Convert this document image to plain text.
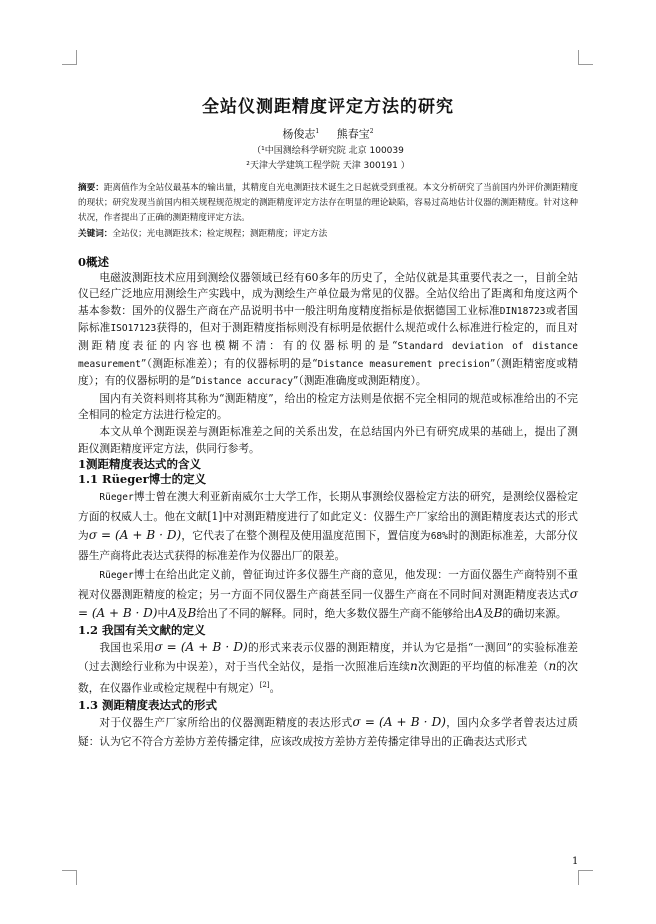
全站仪测距精度评定方法的研究
杨俊志$^1$ 熊春宝$^2$
（¹中国测绘科学研究院 北京 100039
²天津大学建筑工程学院 天津 300191 ）
摘要：距离值作为全站仪最基本的输出量，其精度自光电测距技术诞生之日起就受到重视。本文分析研究了当前国内外评价测距精度的现状；研究发现当前国内相关规程规范规定的测距精度评定方法存在明显的理论缺陷，容易过高地估计仪器的测距精度。针对这种状况，作者提出了正确的测距精度评定方法。
关键词：全站仪；光电测距技术；检定规程；测距精度；评定方法
0概述

电磁波测距技术应用到测绘仪器领域已经有60多年的历史了，全站仪就是其重要代表之一，目前全站仪已经广泛地应用测绘生产实践中，成为测绘生产单位最为常见的仪器。全站仪给出了距离和角度这两个基本参数：国外的仪器生产商在产品说明书中一般注明角度精度指标是依据德国工业标准DIN18723或者国际标准ISO17123获得的，但对于测距精度指标则没有标明是依据什么规范或什么标准进行检定的，而且对测距精度表征的内容也模糊不清：有的仪器标明的是“Standard deviation of distance measurement”（测距标准差）；有的仪器标明的是“Distance measurement precision”（测距精密度或精度）；有的仪器标明的是“Distance accuracy”（测距准确度或测距精度）。

国内有关资料则将其称为“测距精度”，给出的检定方法则是依据不完全相同的规范或标准给出的不完全相同的检定方法进行检定的。

本文从单个测距误差与测距标准差之间的关系出发，在总结国内外已有研究成果的基础上，提出了测距仪测距精度评定方法，供同行参考。

1测距精度表达式的含义
1.1 Rüeger博士的定义

Rüeger博士曾在澳大利亚新南威尔士大学工作，长期从事测绘仪器检定方法的研究，是测绘仪器检定方面的权威人士。他在文献[1]中对测距精度进行了如此定义：仪器生产厂家给出的测距精度表达式的形式为σ = (A + B · D)，它代表了在整个测程及使用温度范围下，置信度为68%时的测距标准差，大部分仪器生产商将此表达式获得的标准差作为仪器出厂的限差。

Rüeger博士在给出此定义前，曾征询过许多仪器生产商的意见，他发现：一方面仪器生产商特别不重视对仪器测距精度的检定；另一方面不同仪器生产商甚至同一仪器生产商在不同时间对测距精度表达式σ = (A + B · D)中A及B给出了不同的解释。同时，绝大多数仪器生产商不能够给出A及B的确切来源。

1.2 我国有关文献的定义

我国也采用σ = (A + B · D)的形式来表示仪器的测距精度，并认为它是指“一测回”的实验标准差（过去测绘行业称为中误差），对于当代全站仪，是指一次照准后连续n次测距的平均值的标准差（n的次数，在仪器作业或检定规程中有规定）[2]。

1.3 测距精度表达式的形式

对于仪器生产厂家所给出的仪器测距精度的表达形式σ = (A + B · D)，国内众多学者曾表达过质疑：认为它不符合方差协方差传播定律，应该改成按方差协方差传播定律导出的正确表达式形式

1
